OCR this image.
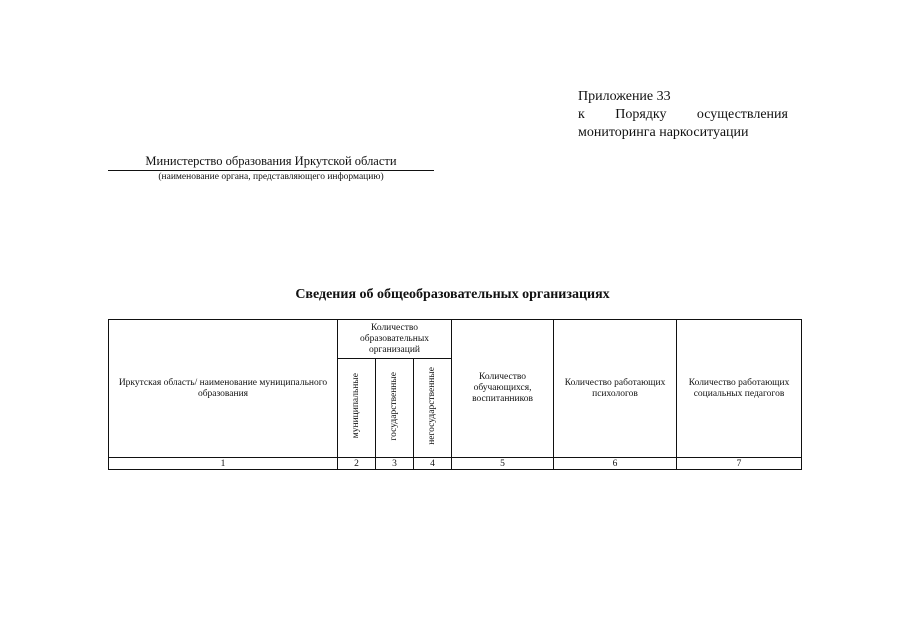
Приложение 33
к Порядку осуществления
мониторинга наркоситуации
Министерство образования Иркутской области
(наименование органа, представляющего информацию)
Сведения об общеобразовательных организациях
Иркутская область/ наименование муниципального образования	Количество образовательных организаций			Количество обучающихся, воспитанников	Количество работающих психологов	Количество работающих социальных педагогов
	муниципальные	государственные	негосударственные			
1	2	3	4	5	6	7
